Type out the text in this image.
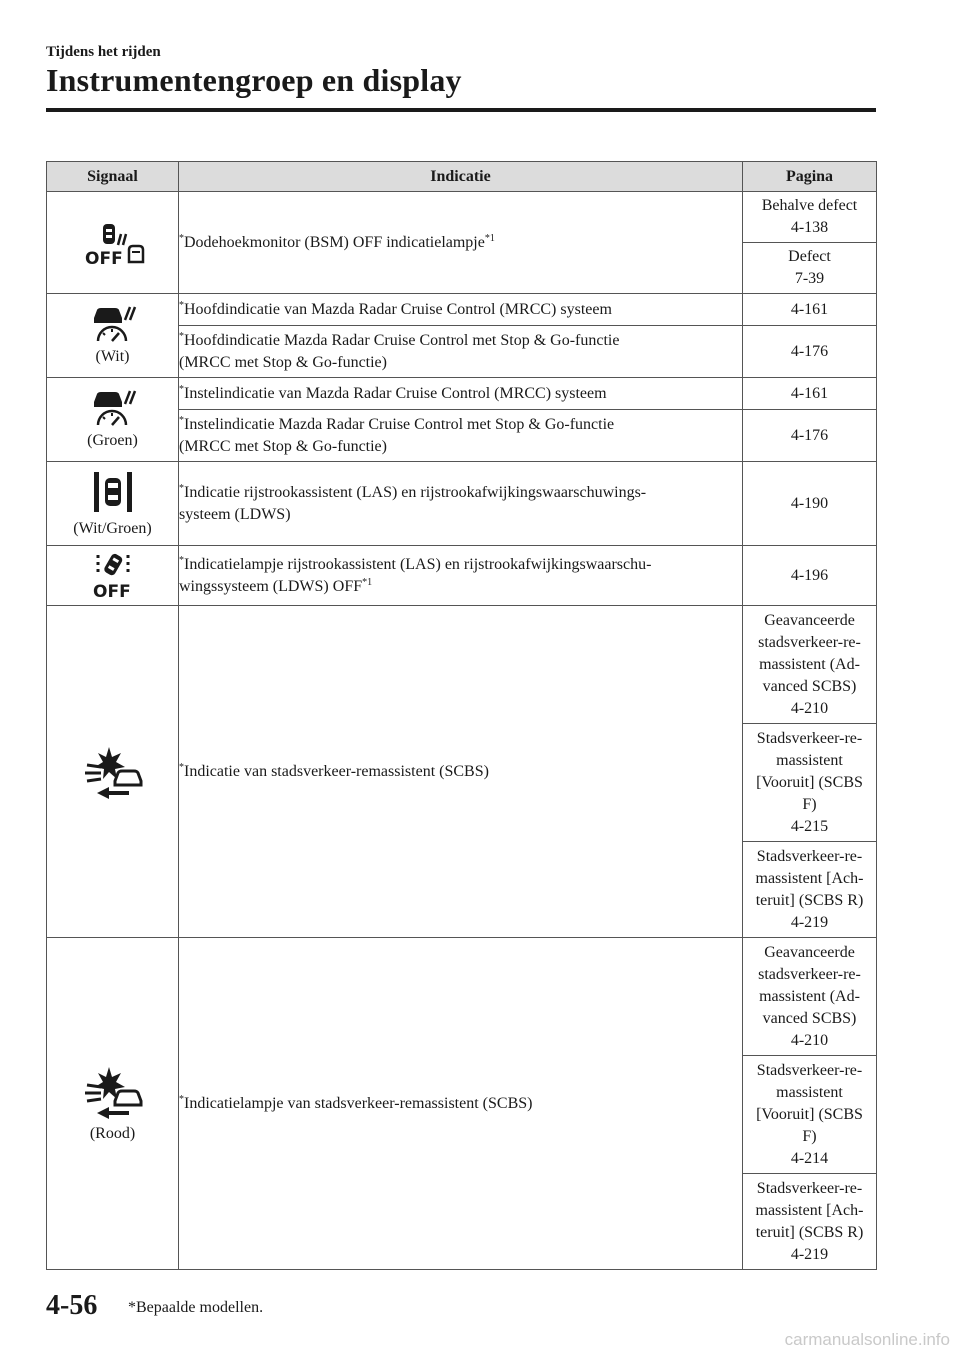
Tijdens het rijden
Instrumentengroep en display
Signaal	Indicatie	Pagina

OFF	*Dodehoekmonitor (BSM) OFF indicatielampje$^{*1}$	Behalve defect
4-138
		Defect
7-39

(Wit)	*Hoofdindicatie van Mazda Radar Cruise Control (MRCC) systeem	4-161
	*Hoofdindicatie Mazda Radar Cruise Control met Stop & Go-functie
(MRCC met Stop & Go-functie)	4-176

(Groen)	*Instelindicatie van Mazda Radar Cruise Control (MRCC) systeem	4-161
	*Instelindicatie Mazda Radar Cruise Control met Stop & Go-functie
(MRCC met Stop & Go-functie)	4-176

(Wit/Groen)	*Indicatie rijstrookassistent (LAS) en rijstrookafwijkingswaarschuwings-
systeem (LDWS)	4-190

OFF	*Indicatielampje rijstrookassistent (LAS) en rijstrookafwijkingswaarschu-
wingssysteem (LDWS) OFF$^{*1}$	4-196

	*Indicatie van stadsverkeer-remassistent (SCBS)	Geavanceerde
stadsverkeer-re-
massistent (Ad-
vanced SCBS)
4-210
		Stadsverkeer-re-
massistent
[Vooruit] (SCBS
F)
4-215
		Stadsverkeer-re-
massistent [Ach-
teruit] (SCBS R)
4-219

(Rood)	*Indicatielampje van stadsverkeer-remassistent (SCBS)	Geavanceerde
stadsverkeer-re-
massistent (Ad-
vanced SCBS)
4-210
		Stadsverkeer-re-
massistent
[Vooruit] (SCBS
F)
4-214
		Stadsverkeer-re-
massistent [Ach-
teruit] (SCBS R)
4-219
4-56 *Bepaalde modellen.
carmanualsonline.info
